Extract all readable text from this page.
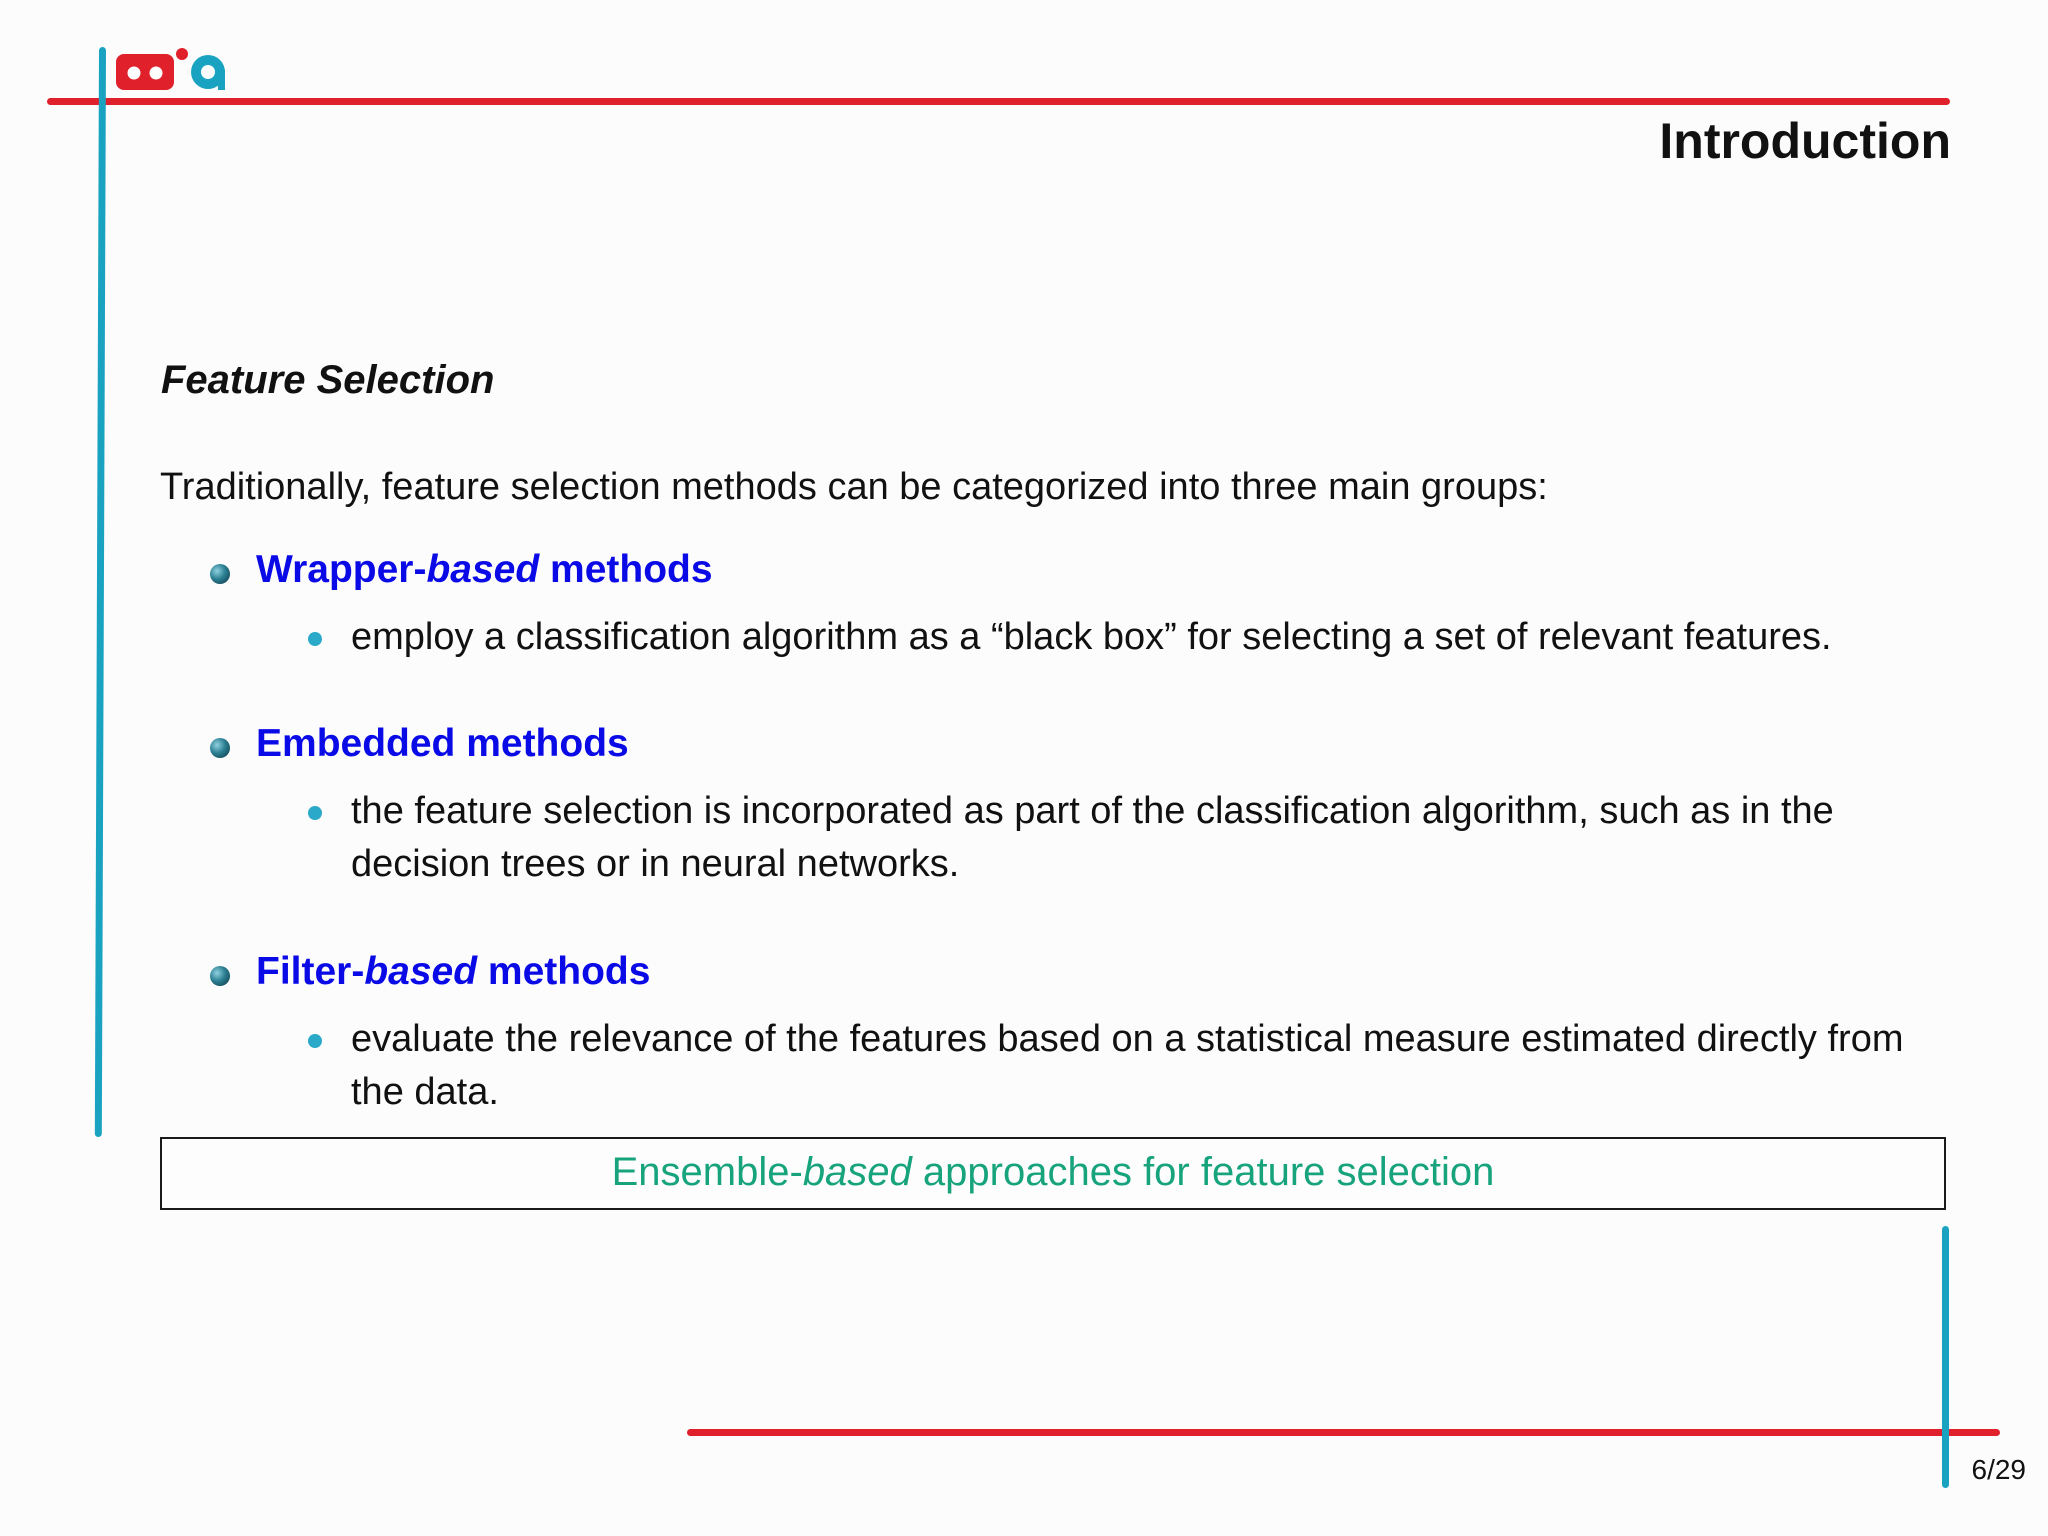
Introduction
Feature Selection
Traditionally, feature selection methods can be categorized into three main groups:
Wrapper-based methods
employ a classification algorithm as a “black box” for selecting a set of relevant features.
Embedded methods
the feature selection is incorporated as part of the classification algorithm, such as in the decision trees or in neural networks.
Filter-based methods
evaluate the relevance of the features based on a statistical measure estimated directly from the data.
Ensemble-based approaches for feature selection
6/29
